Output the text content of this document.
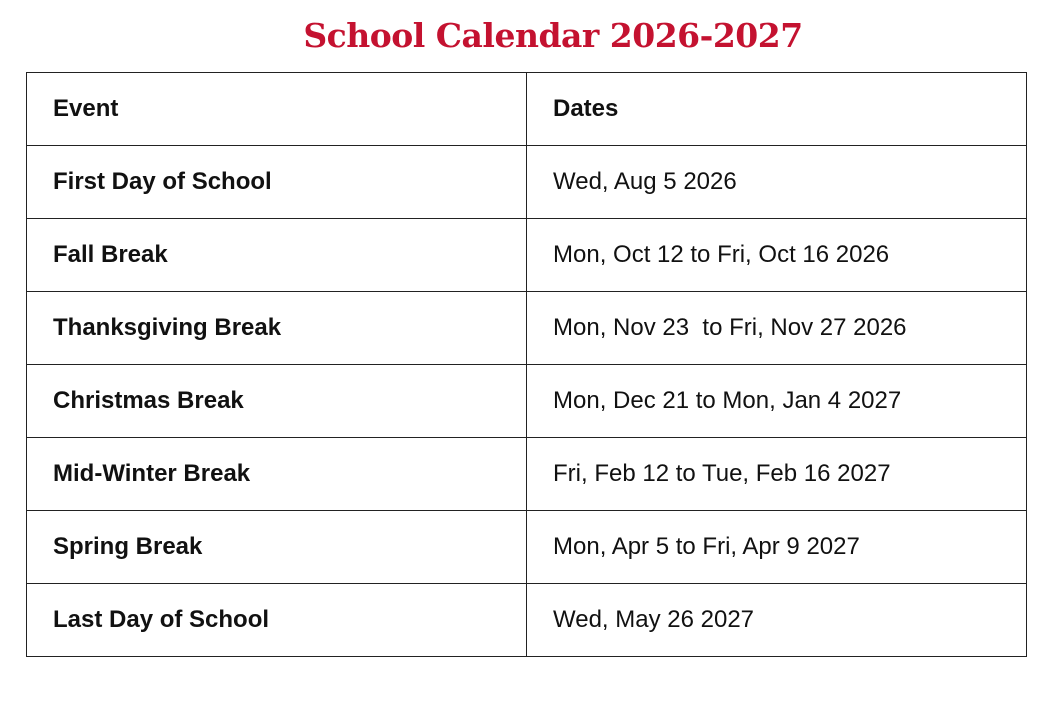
School Calendar 2026-2027
Event	Dates
First Day of School	Wed, Aug 5 2026
Fall Break	Mon, Oct 12 to Fri, Oct 16 2026
Thanksgiving Break	Mon, Nov 23  to Fri, Nov 27 2026
Christmas Break	Mon, Dec 21 to Mon, Jan 4 2027
Mid-Winter Break	Fri, Feb 12 to Tue, Feb 16 2027
Spring Break	Mon, Apr 5 to Fri, Apr 9 2027
Last Day of School	Wed, May 26 2027
